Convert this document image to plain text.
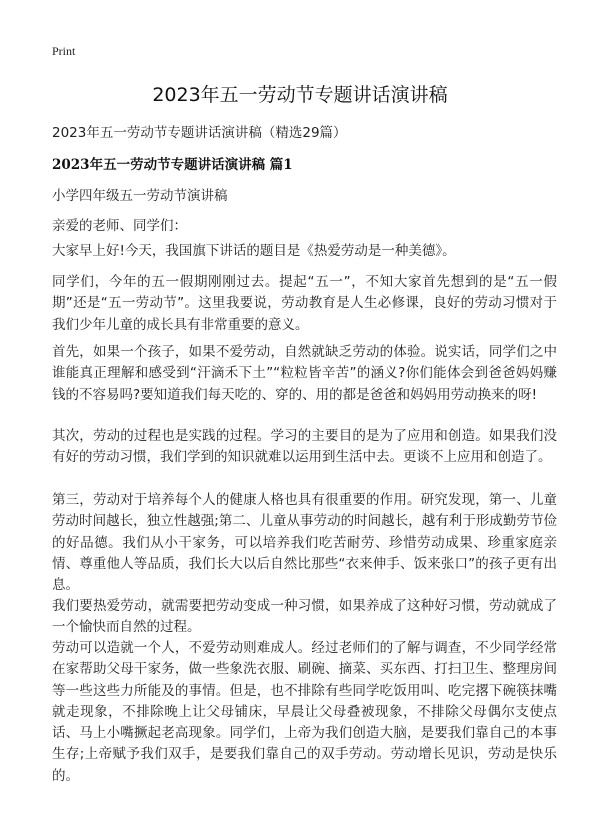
Print
2023年五一劳动节专题讲话演讲稿
2023年五一劳动节专题讲话演讲稿（精选29篇）
2023年五一劳动节专题讲话演讲稿 篇1
小学四年级五一劳动节演讲稿
亲爱的老师、同学们：

大家早上好!今天，我国旗下讲话的题目是《热爱劳动是一种美德》。

同学们，今年的五一假期刚刚过去。提起“五一”，不知大家首先想到的是“五一假期”还是“五一劳动节”。这里我要说，劳动教育是人生必修课，良好的劳动习惯对于我们少年儿童的成长具有非常重要的意义。

首先，如果一个孩子，如果不爱劳动，自然就缺乏劳动的体验。说实话，同学们之中谁能真正理解和感受到“汗滴禾下土”“粒粒皆辛苦”的涵义?你们能体会到爸爸妈妈赚钱的不容易吗?要知道我们每天吃的、穿的、用的都是爸爸和妈妈用劳动换来的呀!

其次，劳动的过程也是实践的过程。学习的主要目的是为了应用和创造。如果我们没有好的劳动习惯，我们学到的知识就难以运用到生活中去。更谈不上应用和创造了。

第三，劳动对于培养每个人的健康人格也具有很重要的作用。研究发现，第一、儿童劳动时间越长，独立性越强;第二、儿童从事劳动的时间越长，越有利于形成勤劳节俭的好品德。我们从小干家务，可以培养我们吃苦耐劳、珍惜劳动成果、珍重家庭亲情、尊重他人等品质，我们长大以后自然比那些“衣来伸手、饭来张口”的孩子更有出息。

我们要热爱劳动，就需要把劳动变成一种习惯，如果养成了这种好习惯，劳动就成了一个愉快而自然的过程。

劳动可以造就一个人，不爱劳动则难成人。经过老师们的了解与调查，不少同学经常在家帮助父母干家务，做一些象洗衣服、刷碗、摘菜、买东西、打扫卫生、整理房间等一些这些力所能及的事情。但是，也不排除有些同学吃饭用叫、吃完撂下碗筷抹嘴就走现象，不排除晚上让父母铺床，早晨让父母叠被现象，不排除父母偶尔支使点话、马上小嘴撅起老高现象。同学们，上帝为我们创造大脑，是要我们靠自己的本事生存;上帝赋予我们双手，是要我们靠自己的双手劳动。劳动增长见识，劳动是快乐的。
